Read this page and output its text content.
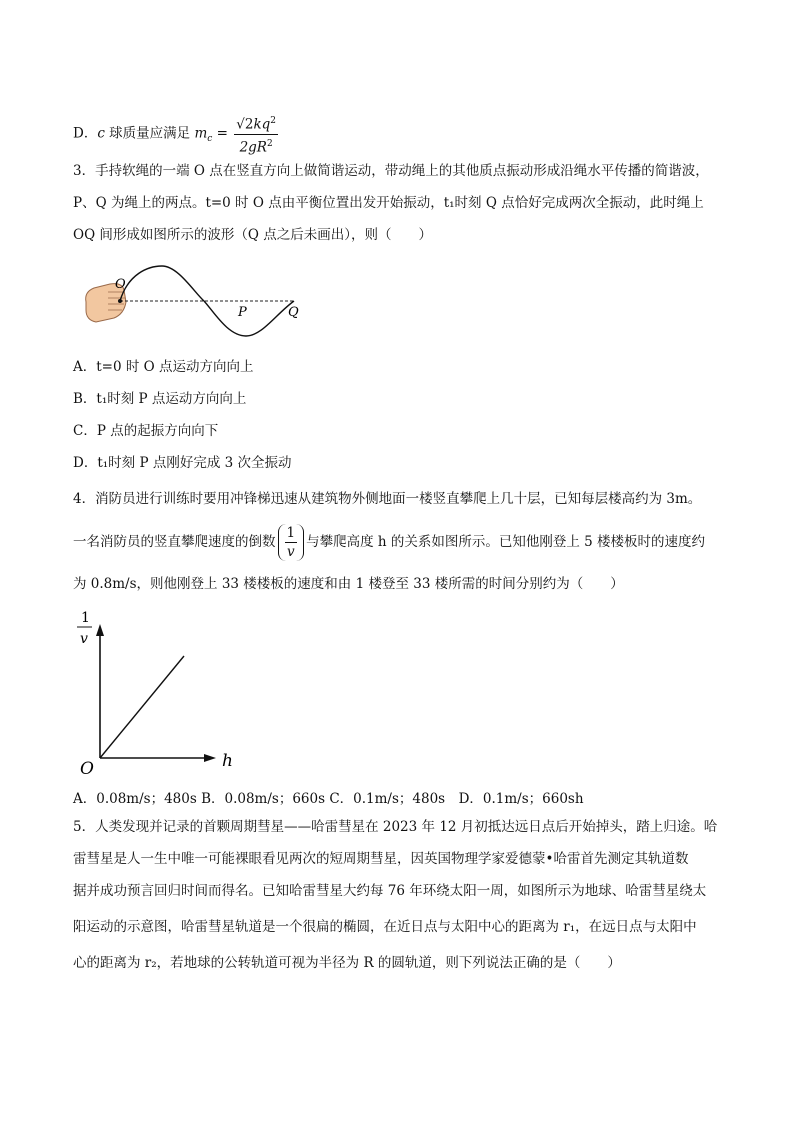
D．c 球质量应满足 $m_c = \frac{√2kq^2}{2gR^2}$
3．手持软绳的一端 O 点在竖直方向上做简谐运动，带动绳上的其他质点振动形成沿绳水平传播的简谐波，
P、Q 为绳上的两点。t=0 时 O 点由平衡位置出发开始振动，t₁时刻 Q 点恰好完成两次全振动，此时绳上
OQ 间形成如图所示的波形（Q 点之后未画出），则（　　）
O
P	Q
A．t=0 时 O 点运动方向向上
B．t₁时刻 P 点运动方向向上
C．P 点的起振方向向下
D．t₁时刻 P 点刚好完成 3 次全振动
4．消防员进行训练时要用冲锋梯迅速从建筑物外侧地面一楼竖直攀爬上几十层，已知每层楼高约为 3m。
一名消防员的竖直攀爬速度的倒数 $\frac{1}{v}$ 与攀爬高度 h 的关系如图所示。已知他刚登上 5 楼楼板时的速度约
为 0.8m/s，则他刚登上 33 楼楼板的速度和由 1 楼登至 33 楼所需的时间分别约为（　　）
1
v
O	h
A．0.08m/s；480s B．0.08m/s；660s C．0.1m/s；480s　D．0.1m/s；660sh
5．人类发现并记录的首颗周期彗星——哈雷彗星在 2023 年 12 月初抵达远日点后开始掉头，踏上归途。哈
雷彗星是人一生中唯一可能裸眼看见两次的短周期彗星，因英国物理学家爱德蒙•哈雷首先测定其轨道数
据并成功预言回归时间而得名。已知哈雷彗星大约每 76 年环绕太阳一周，如图所示为地球、哈雷彗星绕太
阳运动的示意图，哈雷彗星轨道是一个很扁的椭圆，在近日点与太阳中心的距离为 r₁，在远日点与太阳中
心的距离为 r₂，若地球的公转轨道可视为半径为 R 的圆轨道，则下列说法正确的是（　　）
